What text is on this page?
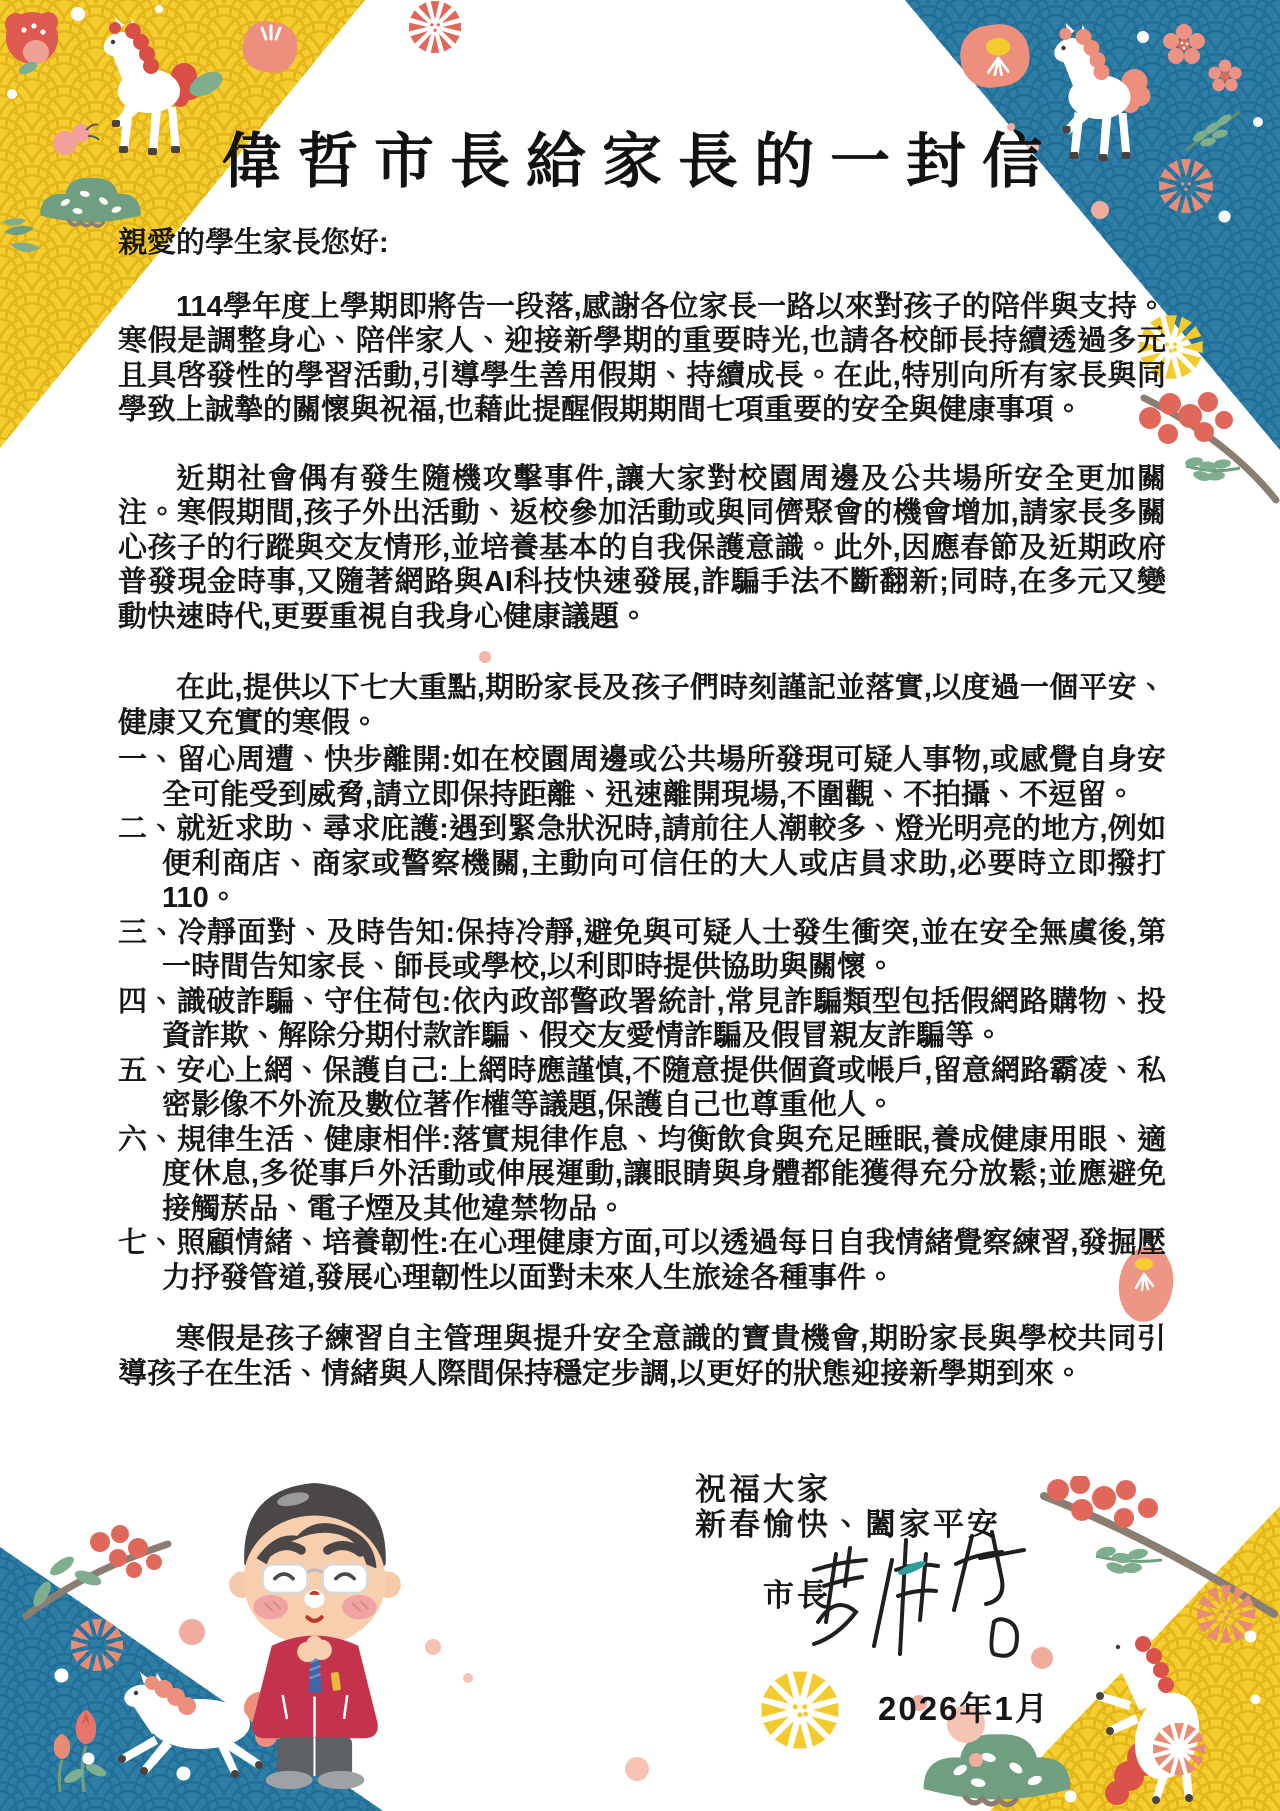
偉哲市長給家長的一封信
親愛的學生家長您好:

114學年度上學期即將告一段落,感謝各位家長一路以來對孩子的陪伴與支持。寒假是調整身心、陪伴家人、迎接新學期的重要時光,也請各校師長持續透過多元且具啓發性的學習活動,引導學生善用假期、持續成長。在此,特別向所有家長與同學致上誠摯的關懷與祝福,也藉此提醒假期期間七項重要的安全與健康事項。

近期社會偶有發生隨機攻擊事件,讓大家對校園周邊及公共場所安全更加關注。寒假期間,孩子外出活動、返校參加活動或與同儕聚會的機會增加,請家長多關心孩子的行蹤與交友情形,並培養基本的自我保護意識。此外,因應春節及近期政府普發現金時事,又隨著網路與AI科技快速發展,詐騙手法不斷翻新;同時,在多元又變動快速時代,更要重視自我身心健康議題。

在此,提供以下七大重點,期盼家長及孩子們時刻謹記並落實,以度過一個平安、健康又充實的寒假。

一、留心周遭、快步離開:如在校園周邊或公共場所發現可疑人事物,或感覺自身安全可能受到威脅,請立即保持距離、迅速離開現場,不圍觀、不拍攝、不逗留。

二、就近求助、尋求庇護:遇到緊急狀況時,請前往人潮較多、燈光明亮的地方,例如便利商店、商家或警察機關,主動向可信任的大人或店員求助,必要時立即撥打110。

三、冷靜面對、及時告知:保持冷靜,避免與可疑人士發生衝突,並在安全無虞後,第一時間告知家長、師長或學校,以利即時提供協助與關懷。

四、識破詐騙、守住荷包:依內政部警政署統計,常見詐騙類型包括假網路購物、投資詐欺、解除分期付款詐騙、假交友愛情詐騙及假冒親友詐騙等。

五、安心上網、保護自己:上網時應謹慎,不隨意提供個資或帳戶,留意網路霸凌、私密影像不外流及數位著作權等議題,保護自己也尊重他人。

六、規律生活、健康相伴:落實規律作息、均衡飲食與充足睡眠,養成健康用眼、適度休息,多從事戶外活動或伸展運動,讓眼睛與身體都能獲得充分放鬆;並應避免接觸菸品、電子煙及其他違禁物品。

七、照顧情緒、培養韌性:在心理健康方面,可以透過每日自我情緒覺察練習,發掘壓力抒發管道,發展心理韌性以面對未來人生旅途各種事件。

寒假是孩子練習自主管理與提升安全意識的寶貴機會,期盼家長與學校共同引導孩子在生活、情緒與人際間保持穩定步調,以更好的狀態迎接新學期到來。

祝福大家
新春愉快、闔家平安
市長
2026年1月
